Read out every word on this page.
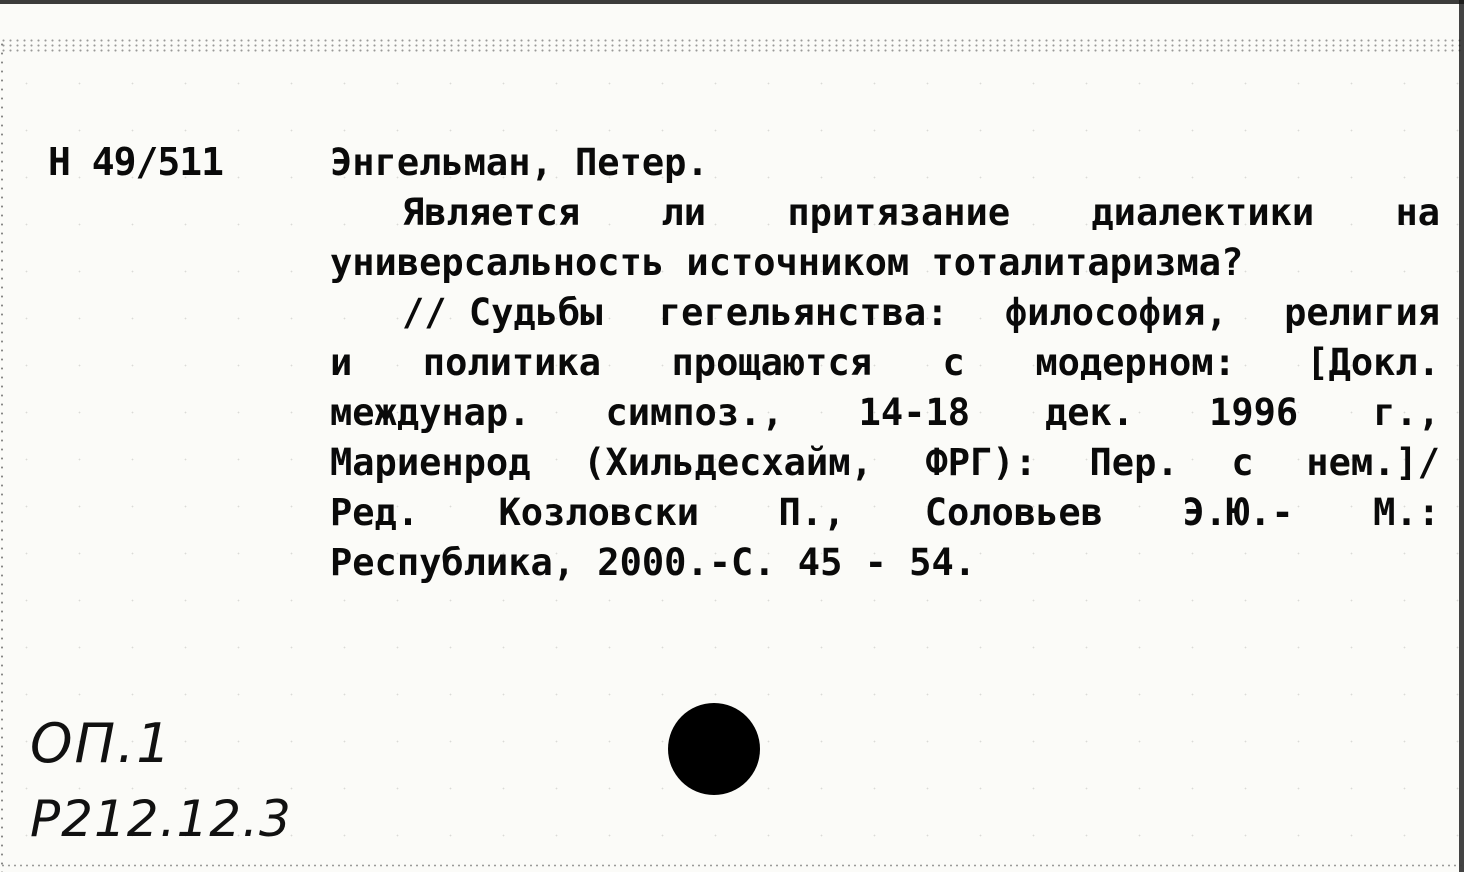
Н 49/511	Энгельман, Петер.
Является ли притязание диалектики на
универсальность источником тоталитаризма?
// Судьбы гегельянства: философия, религия
и политика прощаются с модерном: [Докл.
междунар. симпоз., 14-18 дек. 1996 г.,
Мариенрод (Хильдесхайм, ФРГ): Пер. с нем.]/
Ред. Козловски П., Соловьев Э.Ю.- М.:
Республика, 2000.-С. 45 - 54.
ОП.1
Р212.12.3
